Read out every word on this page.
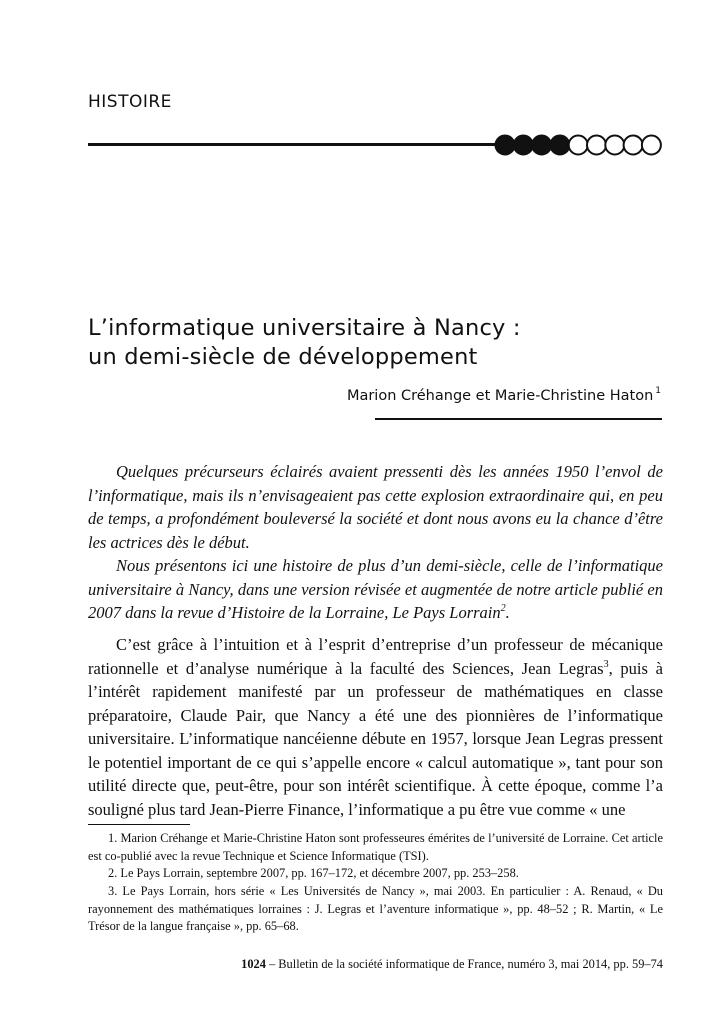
HISTOIRE
L’informatique universitaire à Nancy :
un demi-siècle de développement
Marion Créhange et Marie-Christine Haton $^1$

Quelques précurseurs éclairés avaient pressenti dès les années 1950 l’envol de l’informatique, mais ils n’envisageaient pas cette explosion extraordinaire qui, en peu de temps, a profondément bouleversé la société et dont nous avons eu la chance d’être les actrices dès le début.

Nous présentons ici une histoire de plus d’un demi-siècle, celle de l’informatique universitaire à Nancy, dans une version révisée et augmentée de notre article publié en 2007 dans la revue d’Histoire de la Lorraine, Le Pays Lorrain$^2$.

C’est grâce à l’intuition et à l’esprit d’entreprise d’un professeur de mécanique rationnelle et d’analyse numérique à la faculté des Sciences, Jean Legras$^3$, puis à l’intérêt rapidement manifesté par un professeur de mathématiques en classe préparatoire, Claude Pair, que Nancy a été une des pionnières de l’informatique universitaire. L’informatique nancéienne débute en 1957, lorsque Jean Legras pressent le potentiel important de ce qui s’appelle encore « calcul automatique », tant pour son utilité directe que, peut-être, pour son intérêt scientifique. À cette époque, comme l’a souligné plus tard Jean-Pierre Finance, l’informatique a pu être vue comme « une

1. Marion Créhange et Marie-Christine Haton sont professeures émérites de l’université de Lorraine. Cet article est co-publié avec la revue Technique et Science Informatique (TSI).

2. Le Pays Lorrain, septembre 2007, pp. 167–172, et décembre 2007, pp. 253–258.

3. Le Pays Lorrain, hors série « Les Universités de Nancy », mai 2003. En particulier : A. Renaud, « Du rayonnement des mathématiques lorraines : J. Legras et l’aventure informatique », pp. 48–52 ; R. Martin, « Le Trésor de la langue française », pp. 65–68.

1024 – Bulletin de la société informatique de France, numéro 3, mai 2014, pp. 59–74
